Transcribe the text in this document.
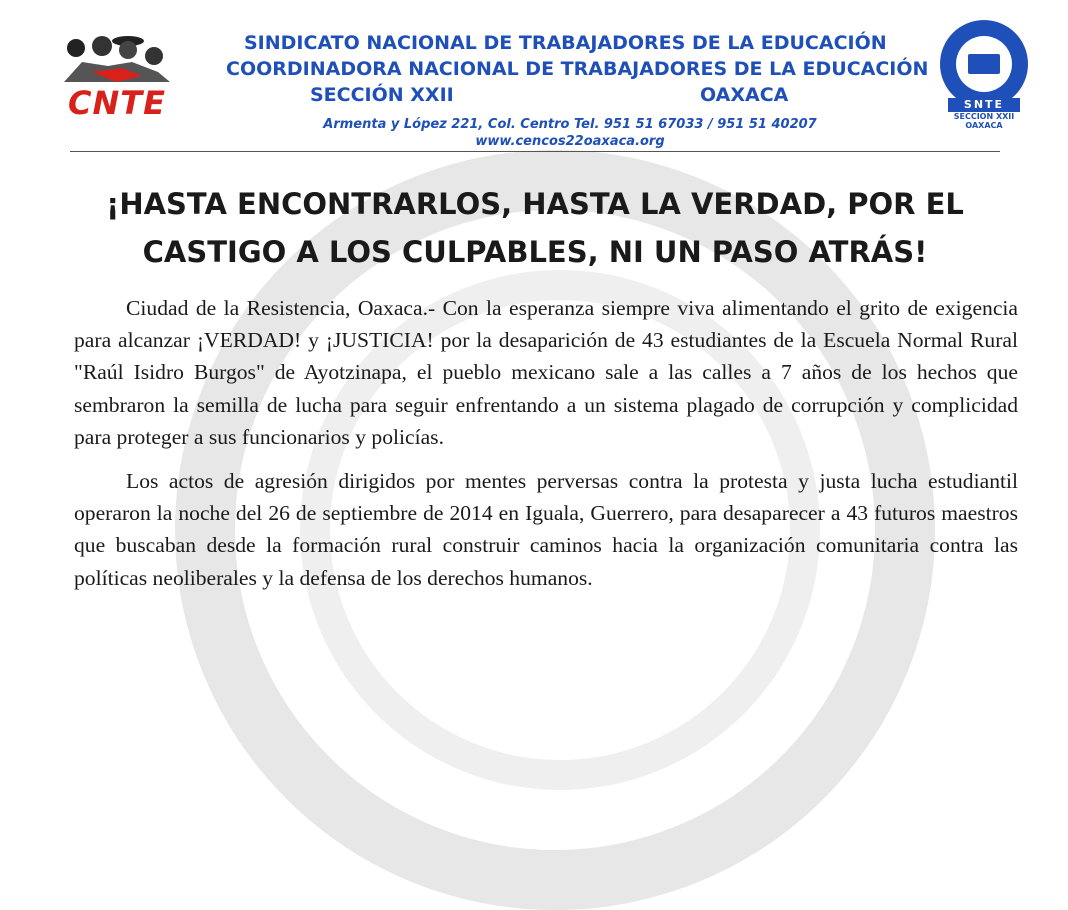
CNTE
SINDICATO NACIONAL DE TRABAJADORES DE LA EDUCACIÓN
COORDINADORA NACIONAL DE TRABAJADORES DE LA EDUCACIÓN
SECCIÓN XXII	OAXACA
Armenta y López 221, Col. Centro Tel. 951 51 67033 / 951 51 40207
www.cencos22oaxaca.org
SNTE
SECCION XXII
OAXACA
¡HASTA ENCONTRARLOS, HASTA LA VERDAD, POR EL
CASTIGO A LOS CULPABLES, NI UN PASO ATRÁS!

Ciudad de la Resistencia, Oaxaca.- Con la esperanza siempre viva alimentando el grito de exigencia para alcanzar ¡VERDAD! y ¡JUSTICIA! por la desaparición de 43 estudiantes de la Escuela Normal Rural "Raúl Isidro Burgos" de Ayotzinapa, el pueblo mexicano sale a las calles a 7 años de los hechos que sembraron la semilla de lucha para seguir enfrentando a un sistema plagado de corrupción y complicidad para proteger a sus funcionarios y policías.

Los actos de agresión dirigidos por mentes perversas contra la protesta y justa lucha estudiantil operaron la noche del 26 de septiembre de 2014 en Iguala, Guerrero, para desaparecer a 43 futuros maestros que buscaban desde la formación rural construir caminos hacia la organización comunitaria contra las políticas neoliberales y la defensa de los derechos humanos.
